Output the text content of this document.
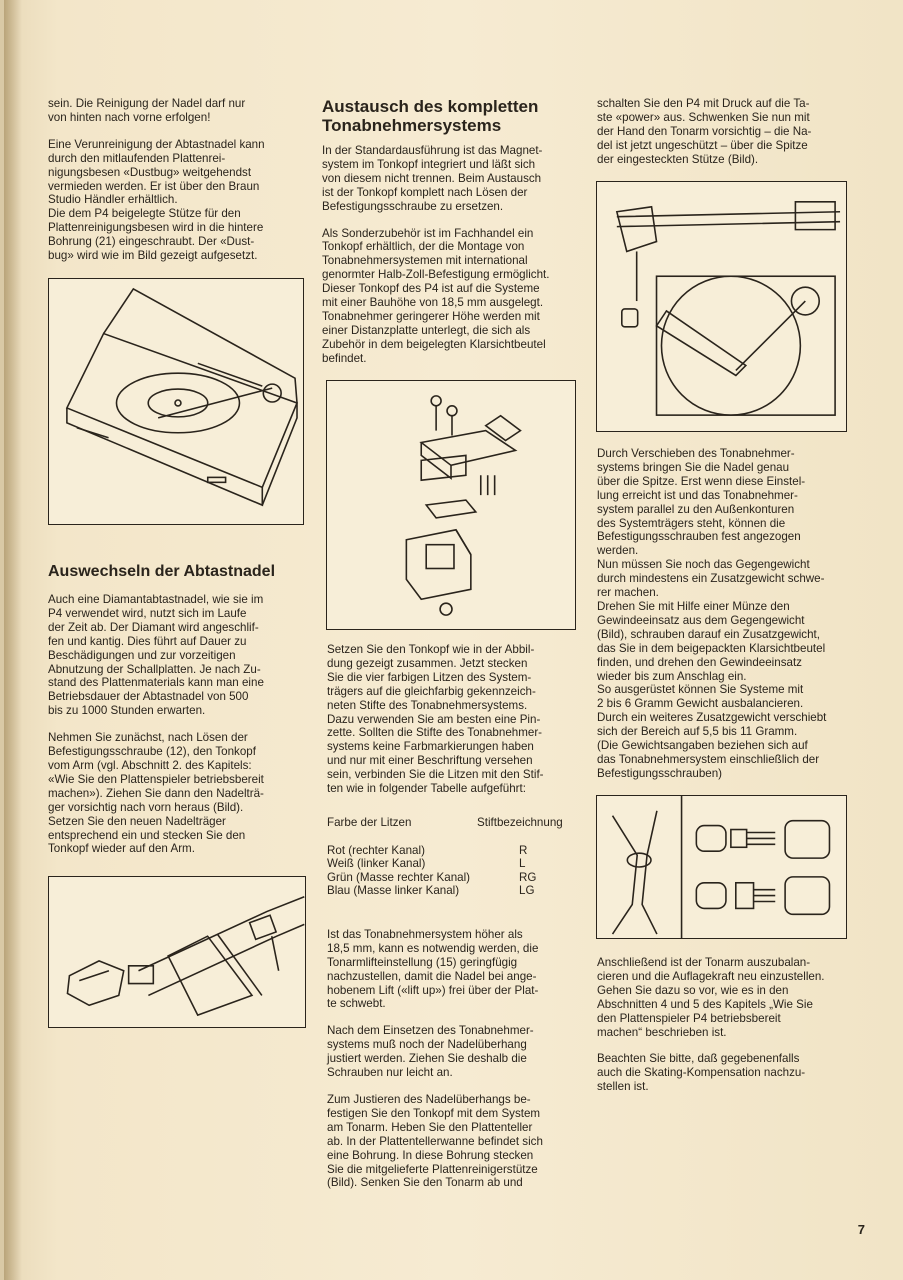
sein. Die Reinigung der Nadel darf nur
von hinten nach vorne erfolgen!

Eine Verunreinigung der Abtastnadel kann
durch den mitlaufenden Plattenrei-
nigungsbesen «Dustbug» weitgehendst
vermieden werden. Er ist über den Braun
Studio Händler erhältlich.
Die dem P4 beigelegte Stütze für den
Plattenreinigungsbesen wird in die hintere
Bohrung (21) eingeschraubt. Der «Dust-
bug» wird wie im Bild gezeigt aufgesetzt.

Auswechseln der Abtastnadel

Auch eine Diamantabtastnadel, wie sie im
P4 verwendet wird, nutzt sich im Laufe
der Zeit ab. Der Diamant wird angeschlif-
fen und kantig. Dies führt auf Dauer zu
Beschädigungen und zur vorzeitigen
Abnutzung der Schallplatten. Je nach Zu-
stand des Plattenmaterials kann man eine
Betriebsdauer der Abtastnadel von 500
bis zu 1000 Stunden erwarten.

Nehmen Sie zunächst, nach Lösen der
Befestigungsschraube (12), den Tonkopf
vom Arm (vgl. Abschnitt 2. des Kapitels:
«Wie Sie den Plattenspieler betriebsbereit
machen»). Ziehen Sie dann den Nadelträ-
ger vorsichtig nach vorn heraus (Bild).
Setzen Sie den neuen Nadelträger
entsprechend ein und stecken Sie den
Tonkopf wieder auf den Arm.

Austausch des kompletten
Tonabnehmersystems

In der Standardausführung ist das Magnet-
system im Tonkopf integriert und läßt sich
von diesem nicht trennen. Beim Austausch
ist der Tonkopf komplett nach Lösen der
Befestigungsschraube zu ersetzen.

Als Sonderzubehör ist im Fachhandel ein
Tonkopf erhältlich, der die Montage von
Tonabnehmersystemen mit international
genormter Halb-Zoll-Befestigung ermöglicht.
Dieser Tonkopf des P4 ist auf die Systeme
mit einer Bauhöhe von 18,5 mm ausgelegt.
Tonabnehmer geringerer Höhe werden mit
einer Distanzplatte unterlegt, die sich als
Zubehör in dem beigelegten Klarsichtbeutel
befindet.

Setzen Sie den Tonkopf wie in der Abbil-
dung gezeigt zusammen. Jetzt stecken
Sie die vier farbigen Litzen des System-
trägers auf die gleichfarbig gekennzeich-
neten Stifte des Tonabnehmersystems.
Dazu verwenden Sie am besten eine Pin-
zette. Sollten die Stifte des Tonabnehmer-
systems keine Farbmarkierungen haben
und nur mit einer Beschriftung versehen
sein, verbinden Sie die Litzen mit den Stif-
ten wie in folgender Tabelle aufgeführt:

Farbe der Litzen	Stiftbezeichnung
Rot (rechter Kanal)	R
Weiß (linker Kanal)	L
Grün (Masse rechter Kanal)	RG
Blau (Masse linker Kanal)	LG

Ist das Tonabnehmersystem höher als
18,5 mm, kann es notwendig werden, die
Tonarmlifteinstellung (15) geringfügig
nachzustellen, damit die Nadel bei ange-
hobenem Lift («lift up») frei über der Plat-
te schwebt.

Nach dem Einsetzen des Tonabnehmer-
systems muß noch der Nadelüberhang
justiert werden. Ziehen Sie deshalb die
Schrauben nur leicht an.

Zum Justieren des Nadelüberhangs be-
festigen Sie den Tonkopf mit dem System
am Tonarm. Heben Sie den Plattenteller
ab. In der Plattentellerwanne befindet sich
eine Bohrung. In diese Bohrung stecken
Sie die mitgelieferte Plattenreinigerstütze
(Bild). Senken Sie den Tonarm ab und

schalten Sie den P4 mit Druck auf die Ta-
ste «power» aus. Schwenken Sie nun mit
der Hand den Tonarm vorsichtig – die Na-
del ist jetzt ungeschützt – über die Spitze
der eingesteckten Stütze (Bild).

Durch Verschieben des Tonabnehmer-
systems bringen Sie die Nadel genau
über die Spitze. Erst wenn diese Einstel-
lung erreicht ist und das Tonabnehmer-
system parallel zu den Außenkonturen
des Systemträgers steht, können die
Befestigungsschrauben fest angezogen
werden.
Nun müssen Sie noch das Gegengewicht
durch mindestens ein Zusatzgewicht schwe-
rer machen.
Drehen Sie mit Hilfe einer Münze den
Gewindeeinsatz aus dem Gegengewicht
(Bild), schrauben darauf ein Zusatzgewicht,
das Sie in dem beigepackten Klarsichtbeutel
finden, und drehen den Gewindeeinsatz
wieder bis zum Anschlag ein.
So ausgerüstet können Sie Systeme mit
2 bis 6 Gramm Gewicht ausbalancieren.
Durch ein weiteres Zusatzgewicht verschiebt
sich der Bereich auf 5,5 bis 11 Gramm.
(Die Gewichtsangaben beziehen sich auf
das Tonabnehmersystem einschließlich der
Befestigungsschrauben)

Anschließend ist der Tonarm auszubalan-
cieren und die Auflagekraft neu einzustellen.
Gehen Sie dazu so vor, wie es in den
Abschnitten 4 und 5 des Kapitels „Wie Sie
den Plattenspieler P4 betriebsbereit
machen“ beschrieben ist.

Beachten Sie bitte, daß gegebenenfalls
auch die Skating-Kompensation nachzu-
stellen ist.

7
